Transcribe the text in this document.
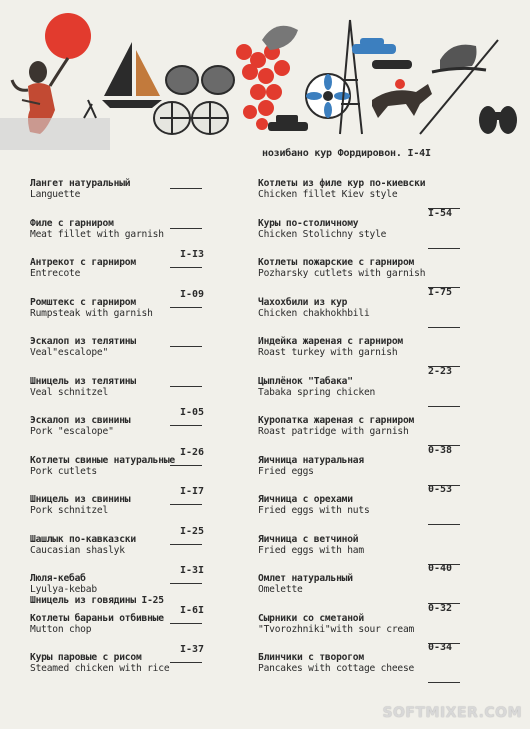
нозибано кур Фордировон. I-4I
Лангет натуральный
Languette
Филе с гарниром
Meat fillet with garnish
Антрекот с гарниром
Entrecote
I-I3
Ромштекс с гарниром
Rumpsteak with garnish
I-09
Эскалоп из телятины
Veal"escalope"
Шницель из телятины
Veal schnitzel
Эскалоп из свинины
Pork "escalope"
I-05
Котлеты свиные натуральные
Pork cutlets
I-26
Шницель из свинины
Pork schnitzel
I-I7
Шашлык по-кавказски
Caucasian shaslyk
I-25
Люля-кебаб
Lyulya-kebab
I-3I
Шницель из говядины I-25
Котлеты бараньи отбивные
Mutton chop
I-6I
Куры паровые с рисом
Steamed chicken with rice
I-37
Котлеты из филе кур по-киевски
Chicken fillet Kiev style
Куры по-столичному
Chicken Stolichny style
I-54
Котлеты пожарские с гарниром
Pozharsky cutlets with garnish
Чахохбили из кур
Chicken chakhokhbili
I-75
Индейка жареная с гарниром
Roast turkey with garnish
Цыплёнок "Табака"
Tabaka spring chicken
2-23
Куропатка жареная с гарниром
Roast patridge with garnish
Яичница натуральная
Fried eggs
0-38
Яичница с орехами
Fried eggs with nuts
0-53
Яичница с ветчиной
Fried eggs with ham
Омлет натуральный
Omelette
0-40
Сырники со сметаной
"Tvorozhniki"with sour cream
0-32
Блинчики с творогом
Pancakes with cottage cheese
0-34
SOFTMIXER.COM
